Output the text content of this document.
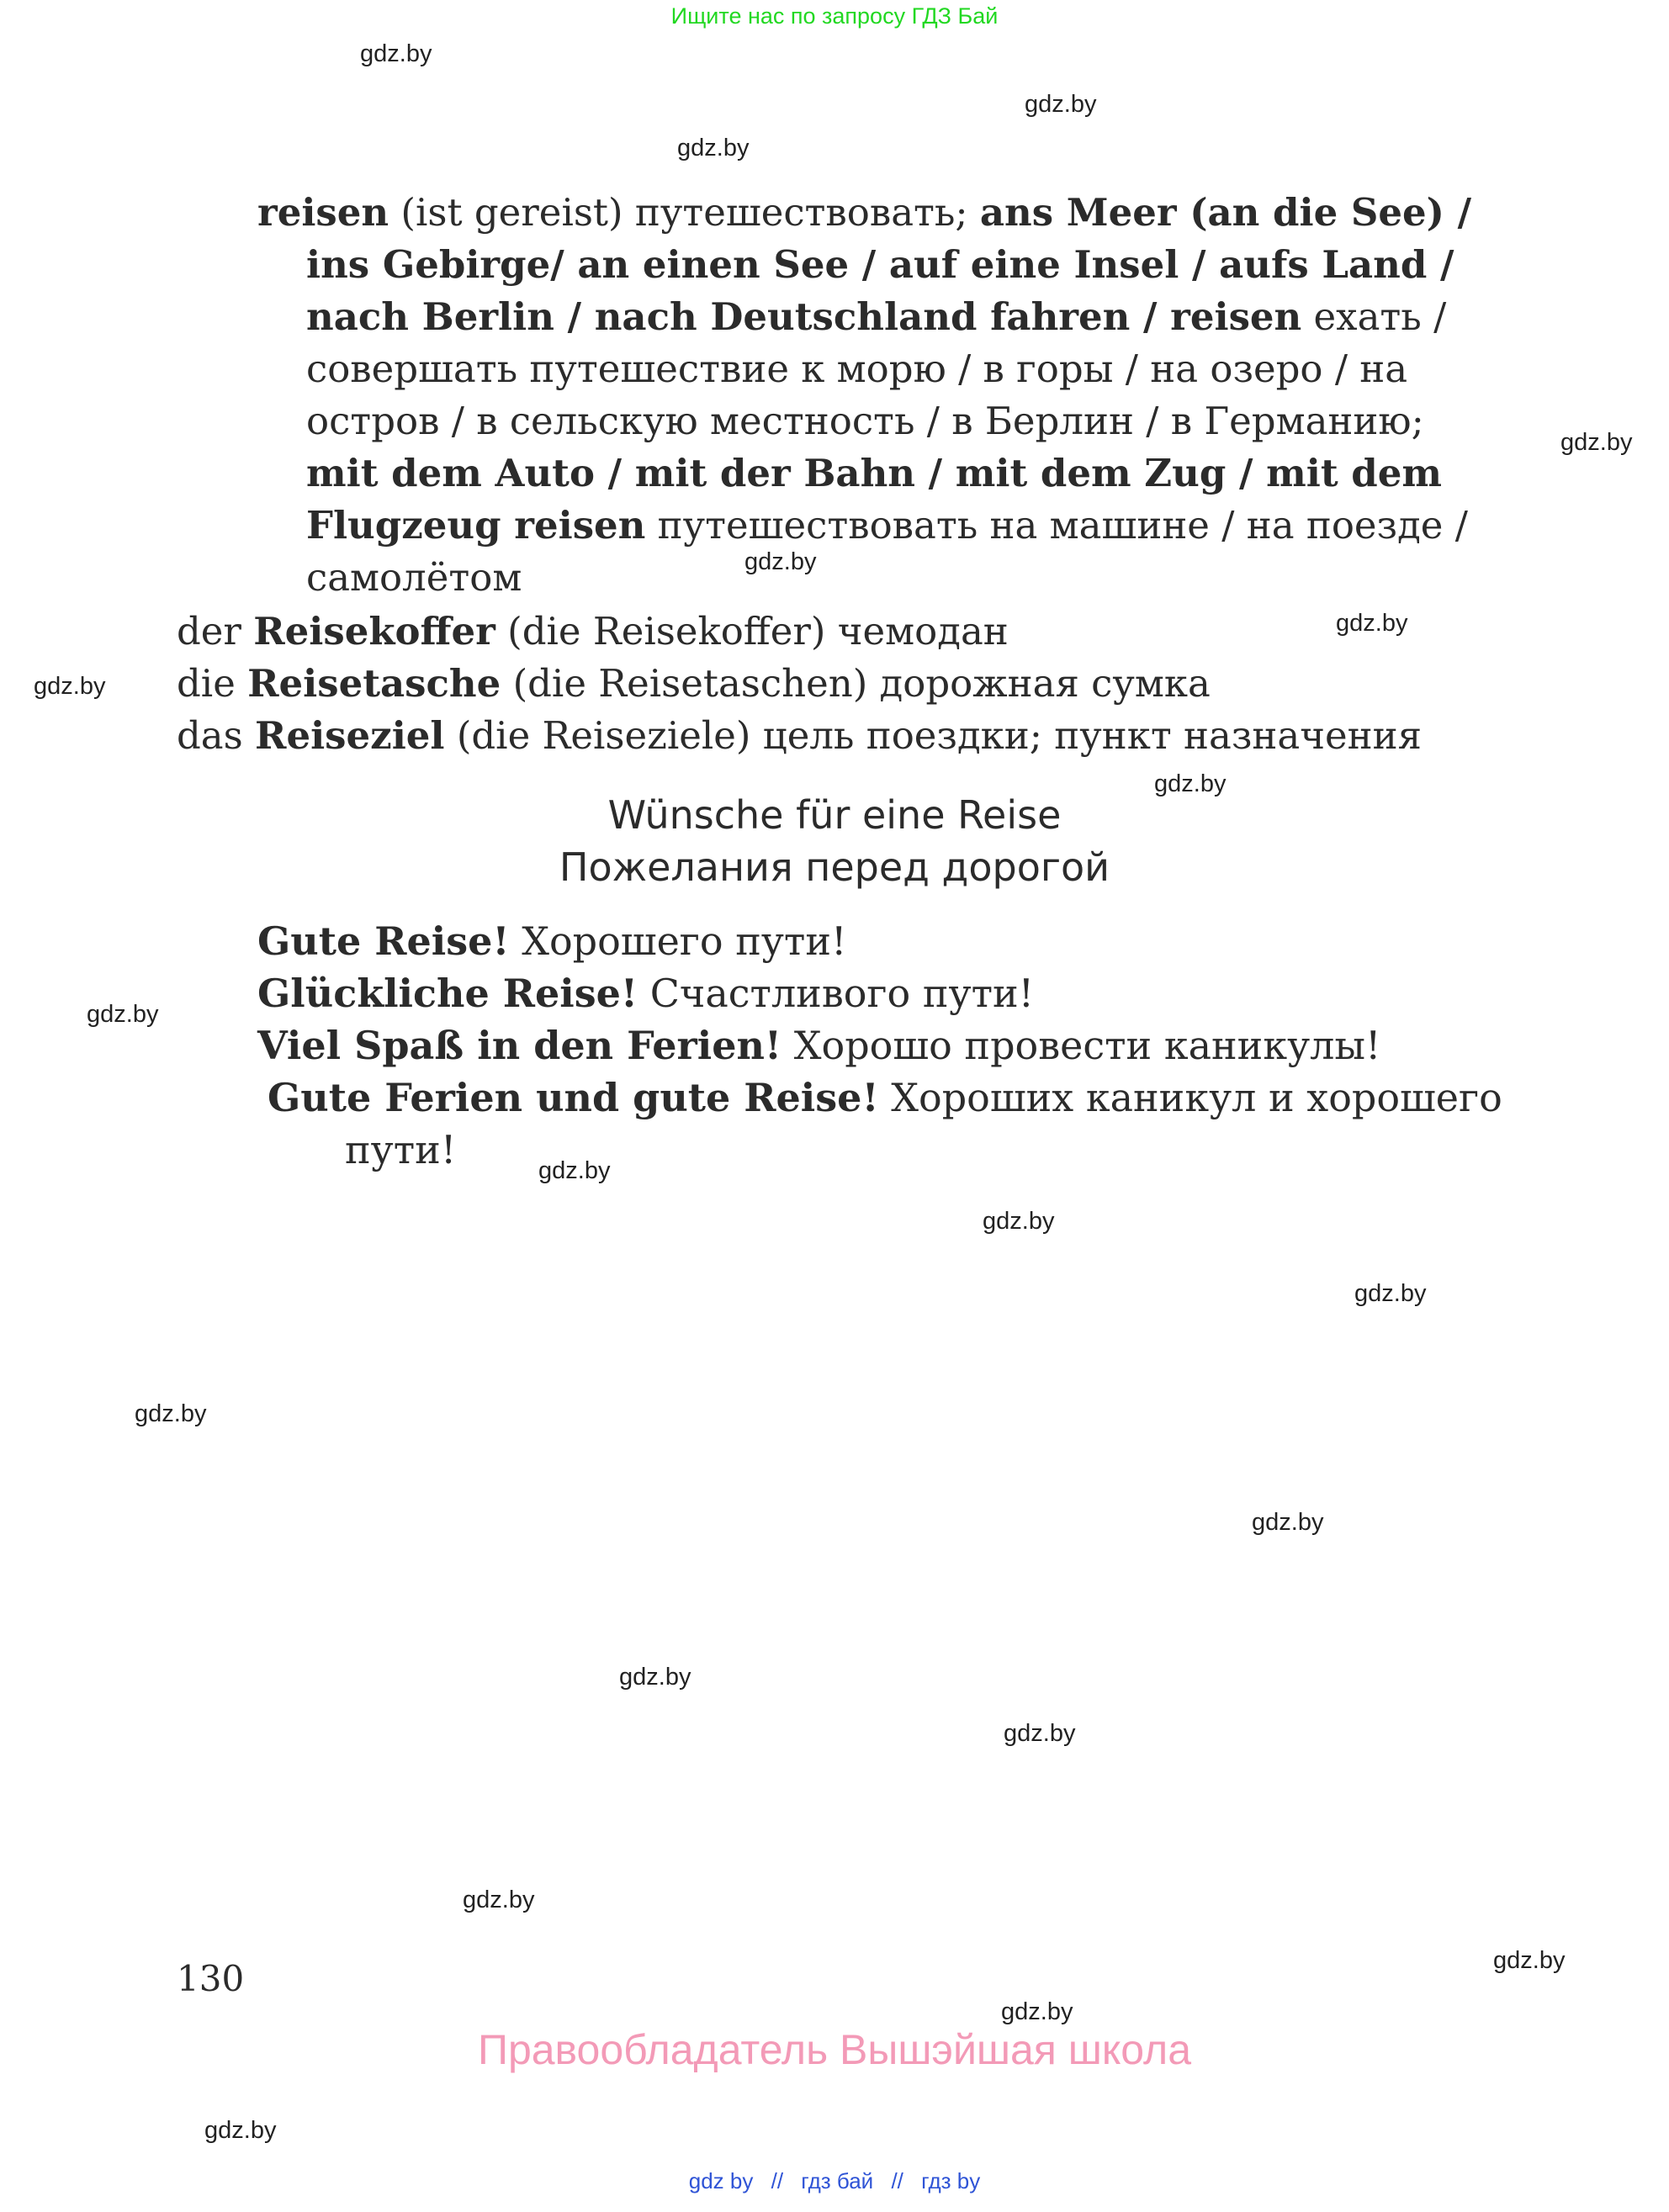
Ищите нас по запросу ГДЗ Бай
reisen (ist gereist) путешествовать; ans Meer (an die See) /
ins Gebirge/ an einen See / auf eine Insel / aufs Land /
nach Berlin / nach Deutschland fahren / reisen ехать /
совершать путешествие к морю / в горы / на озеро / на
остров / в сельскую местность / в Берлин / в Германию;
mit dem Auto / mit der Bahn / mit dem Zug / mit dem
Flugzeug reisen путешествовать на машине / на поезде /
самолётом
der Reisekoffer (die Reisekoffer) чемодан
die Reisetasche (die Reisetaschen) дорожная сумка
das Reiseziel (die Reiseziele) цель поездки; пункт назначения
Wünsche für eine Reise
Пожелания перед дорогой
Gute Reise! Хорошего пути!
Glückliche Reise! Счастливого пути!
Viel Spaß in den Ferien! Хорошо провести каникулы!
Gute Ferien und gute Reise! Хороших каникул и хорошего
пути!
130
Правообладатель Вышэйшая школа
gdz.by
gdz.by
gdz.by
gdz.by
gdz.by
gdz.by
gdz.by
gdz.by
gdz.by
gdz.by
gdz.by
gdz.by
gdz.by
gdz.by
gdz.by
gdz.by
gdz.by
gdz.by
gdz.by
gdz.by
gdz by // гдз бай // гдз by
